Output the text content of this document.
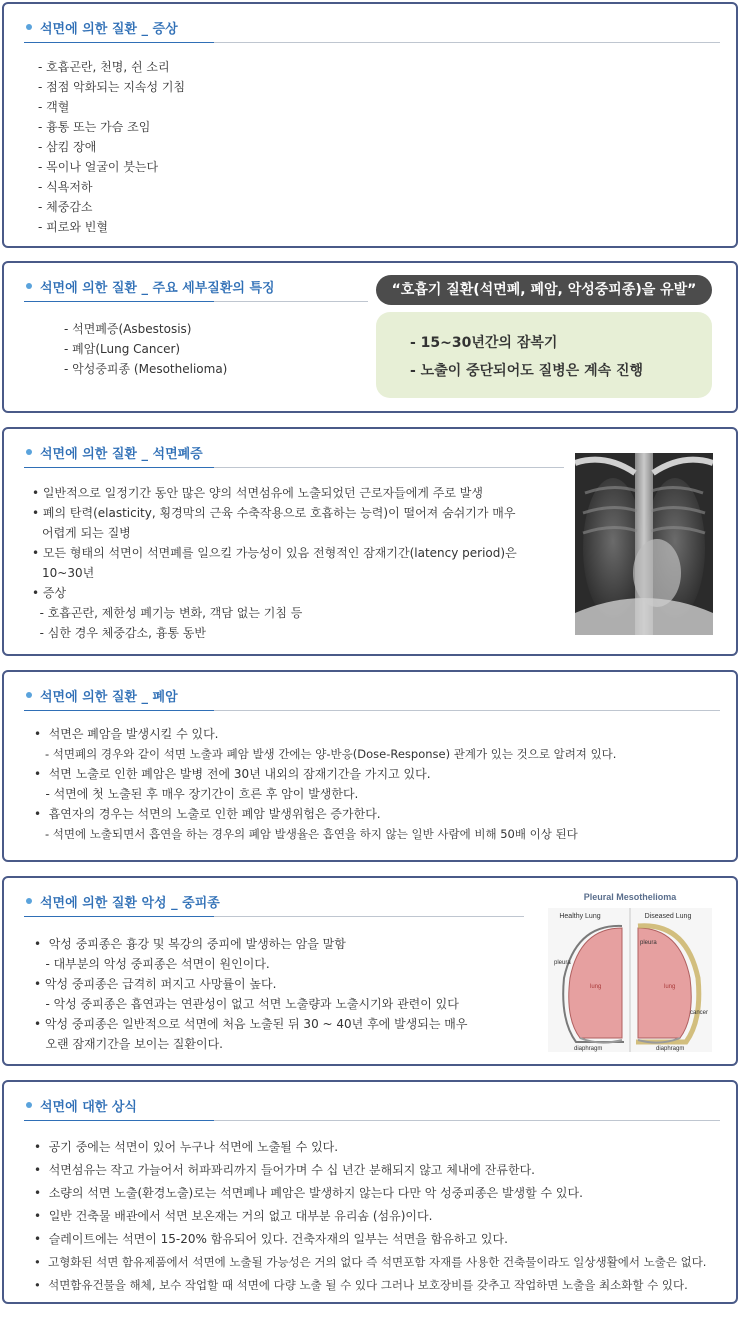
석면에 의한 질환 _ 증상
- 호흡곤란, 천명, 쉰 소리
- 점점 악화되는 지속성 기침
- 객혈
- 흉통 또는 가슴 조임
- 삼킴 장애
- 목이나 얼굴이 붓는다
- 식욕저하
- 체중감소
- 피로와 빈혈
석면에 의한 질환 _ 주요 세부질환의 특징
- 석면폐증(Asbestosis)
- 폐암(Lung Cancer)
- 악성중피종 (Mesothelioma)
“호흡기 질환(석면폐, 폐암, 악성중피종)을 유발”
- 15~30년간의 잠복기
- 노출이 중단되어도 질병은 계속 진행
석면에 의한 질환 _ 석면폐증
• 일반적으로 일정기간 동안 많은 양의 석면섬유에 노출되었던 근로자들에게 주로 발생
• 폐의 탄력(elasticity, 횡경막의 근육 수축작용으로 호흡하는 능력)이 떨어져 숨쉬기가 매우
어렵게 되는 질병
• 모든 형태의 석면이 석면폐를 일으킬 가능성이 있음 전형적인 잠재기간(latency period)은
10~30년
• 증상
- 호흡곤란, 제한성 폐기능 변화, 객담 없는 기침 등
- 심한 경우 체중감소, 흉통 동반
석면에 의한 질환 _ 폐암
•  석면은 폐암을 발생시킬 수 있다.
- 석면폐의 경우와 같이 석면 노출과 폐암 발생 간에는 양-반응(Dose-Response) 관계가 있는 것으로 알려져 있다.
•  석면 노출로 인한 폐암은 발병 전에 30년 내외의 잠재기간을 가지고 있다.
- 석면에 첫 노출된 후 매우 장기간이 흐른 후 암이 발생한다.
•  흡연자의 경우는 석면의 노출로 인한 폐암 발생위험은 증가한다.
- 석면에 노출되면서 흡연을 하는 경우의 폐암 발생율은 흡연을 하지 않는 일반 사람에 비해 50배 이상 된다
석면에 의한 질환 악성 _ 중피종
•  악성 중피종은 흉강 및 복강의 중피에 발생하는 암을 말함
- 대부분의 악성 중피종은 석면이 원인이다.
• 악성 중피종은 급격히 퍼지고 사망률이 높다.
- 악성 중피종은 흡연과는 연관성이 없고 석면 노출량과 노출시기와 관련이 있다
• 악성 중피종은 일반적으로 석면에 처음 노출된 뒤 30 ~ 40년 후에 발생되는 매우
오랜 잠재기간을 보이는 질환이다.
Pleural Mesothelioma
Healthy Lung	Diseased Lung
pleura
lung
pleura
lung
cancer
diaphragm	diaphragm
석면에 대한 상식
•  공기 중에는 석면이 있어 누구나 석면에 노출될 수 있다.
•  석면섬유는 작고 가늘어서 허파꽈리까지 들어가며 수 십 년간 분해되지 않고 체내에 잔류한다.
•  소량의 석면 노출(환경노출)로는 석면폐나 폐암은 발생하지 않는다 다만 악 성중피종은 발생할 수 있다.
•  일반 건축물 배관에서 석면 보온재는 거의 없고 대부분 유리솜 (섬유)이다.
•  슬레이트에는 석면이 15-20% 함유되어 있다. 건축자재의 일부는 석면을 함유하고 있다.
•  고형화된 석면 함유제품에서 석면에 노출될 가능성은 거의 없다 즉 석면포함 자재를 사용한 건축물이라도 일상생활에서 노출은 없다.
•  석면함유건물을 해체, 보수 작업할 때 석면에 다량 노출 될 수 있다 그러나 보호장비를 갖추고 작업하면 노출을 최소화할 수 있다.
